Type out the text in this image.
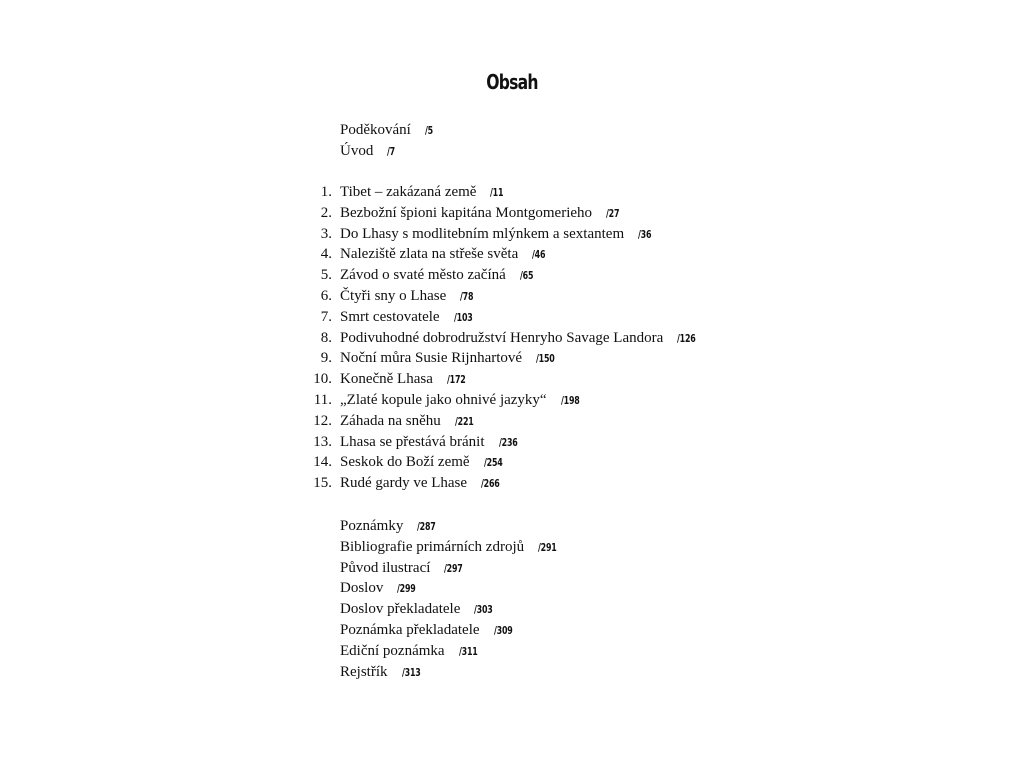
Obsah
Poděkování /5
Úvod /7
1. Tibet – zakázaná země /11
2. Bezbožní špioni kapitána Montgomerieho /27
3. Do Lhasy s modlitebním mlýnkem a sextantem /36
4. Naleziště zlata na střeše světa /46
5. Závod o svaté město začíná /65
6. Čtyři sny o Lhase /78
7. Smrt cestovatele /103
8. Podivuhodné dobrodružství Henryho Savage Landora /126
9. Noční můra Susie Rijnhartové /150
10. Konečně Lhasa /172
11. „Zlaté kopule jako ohnivé jazyky“ /198
12. Záhada na sněhu /221
13. Lhasa se přestává bránit /236
14. Seskok do Boží země /254
15. Rudé gardy ve Lhase /266
Poznámky /287
Bibliografie primárních zdrojů /291
Původ ilustrací /297
Doslov /299
Doslov překladatele /303
Poznámka překladatele /309
Ediční poznámka /311
Rejstřík /313
